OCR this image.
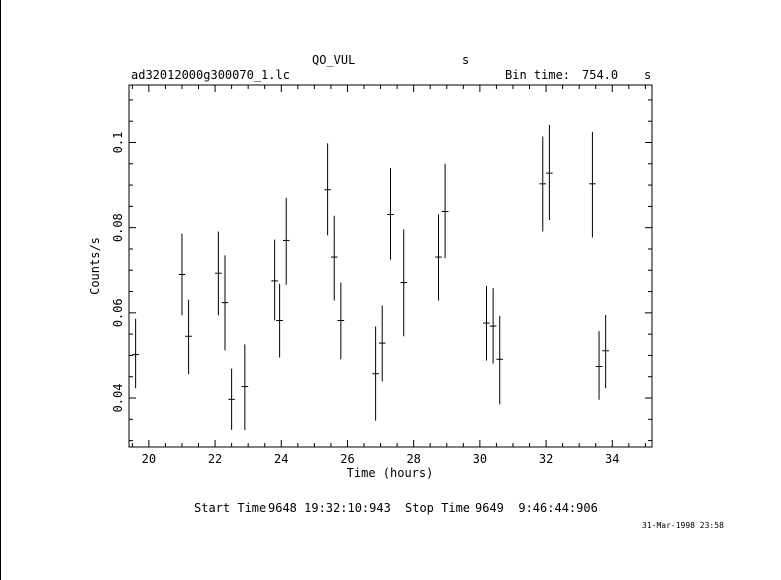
QO_VUL	s
ad32012000g300070_1.lc	Bin time: 754.0 s
20	22	24	26	28	30	32	34
0.04
0.06
0.08
0.1
Time (hours)
Counts/s
Start Time 9648 19:32:10:943 Stop Time 9649  9:46:44:906
31-Mar-1998 23:58
